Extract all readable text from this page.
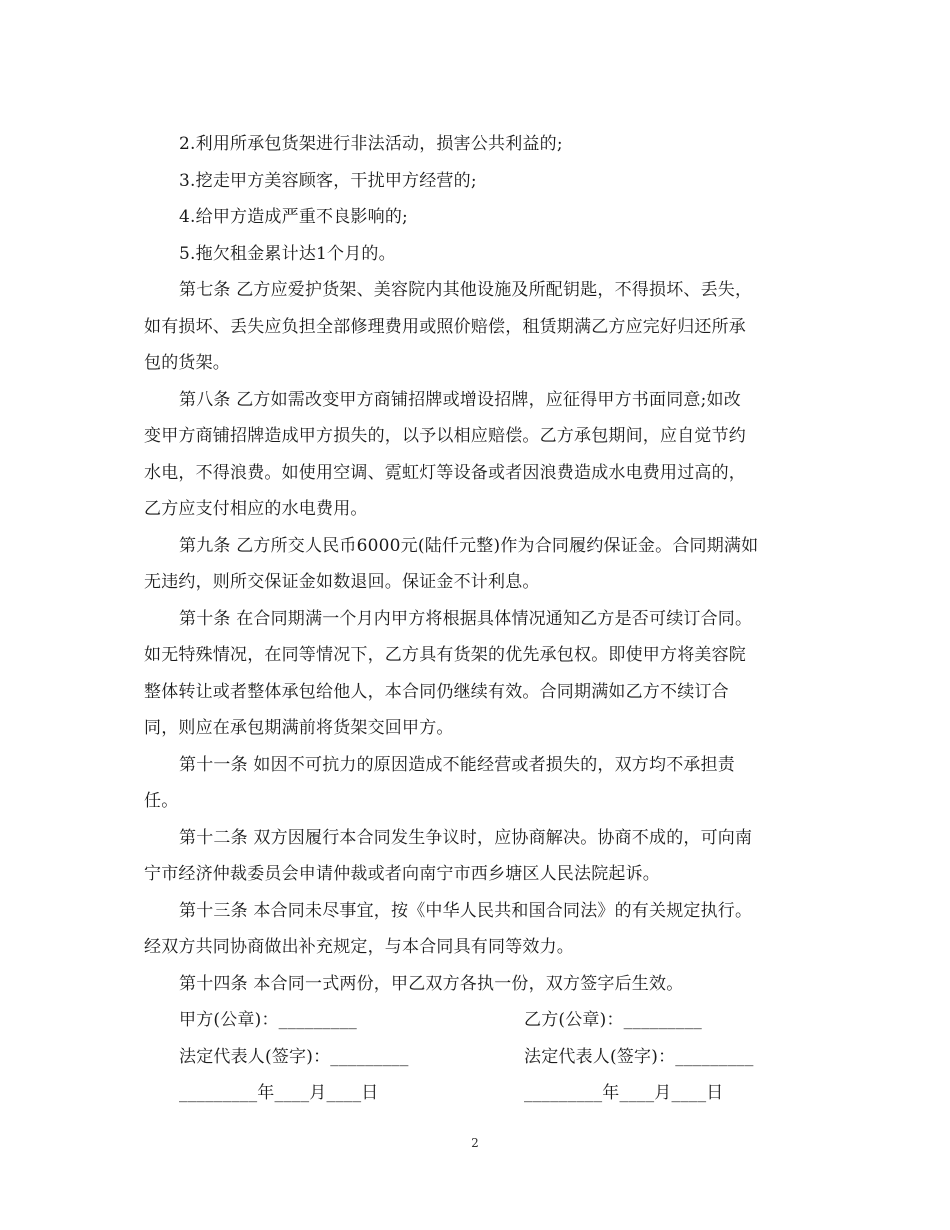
2.利用所承包货架进行非法活动，损害公共利益的;
3.挖走甲方美容顾客，干扰甲方经营的;
4.给甲方造成严重不良影响的;
5.拖欠租金累计达1个月的。
第七条 乙方应爱护货架、美容院内其他设施及所配钥匙，不得损坏、丢失，
如有损坏、丢失应负担全部修理费用或照价赔偿，租赁期满乙方应完好归还所承
包的货架。
第八条 乙方如需改变甲方商铺招牌或增设招牌，应征得甲方书面同意;如改
变甲方商铺招牌造成甲方损失的，以予以相应赔偿。乙方承包期间，应自觉节约
水电，不得浪费。如使用空调、霓虹灯等设备或者因浪费造成水电费用过高的，
乙方应支付相应的水电费用。
第九条 乙方所交人民币6000元(陆仟元整)作为合同履约保证金。合同期满如
无违约，则所交保证金如数退回。保证金不计利息。
第十条 在合同期满一个月内甲方将根据具体情况通知乙方是否可续订合同。
如无特殊情况，在同等情况下，乙方具有货架的优先承包权。即使甲方将美容院
整体转让或者整体承包给他人，本合同仍继续有效。合同期满如乙方不续订合
同，则应在承包期满前将货架交回甲方。
第十一条 如因不可抗力的原因造成不能经营或者损失的，双方均不承担责
任。
第十二条 双方因履行本合同发生争议时，应协商解决。协商不成的，可向南
宁市经济仲裁委员会申请仲裁或者向南宁市西乡塘区人民法院起诉。
第十三条 本合同未尽事宜，按《中华人民共和国合同法》的有关规定执行。
经双方共同协商做出补充规定，与本合同具有同等效力。
第十四条 本合同一式两份，甲乙双方各执一份，双方签字后生效。
甲方(公章)：_________	乙方(公章)：_________
法定代表人(签字)：_________	法定代表人(签字)：_________
_________年____月____日	_________年____月____日
2
